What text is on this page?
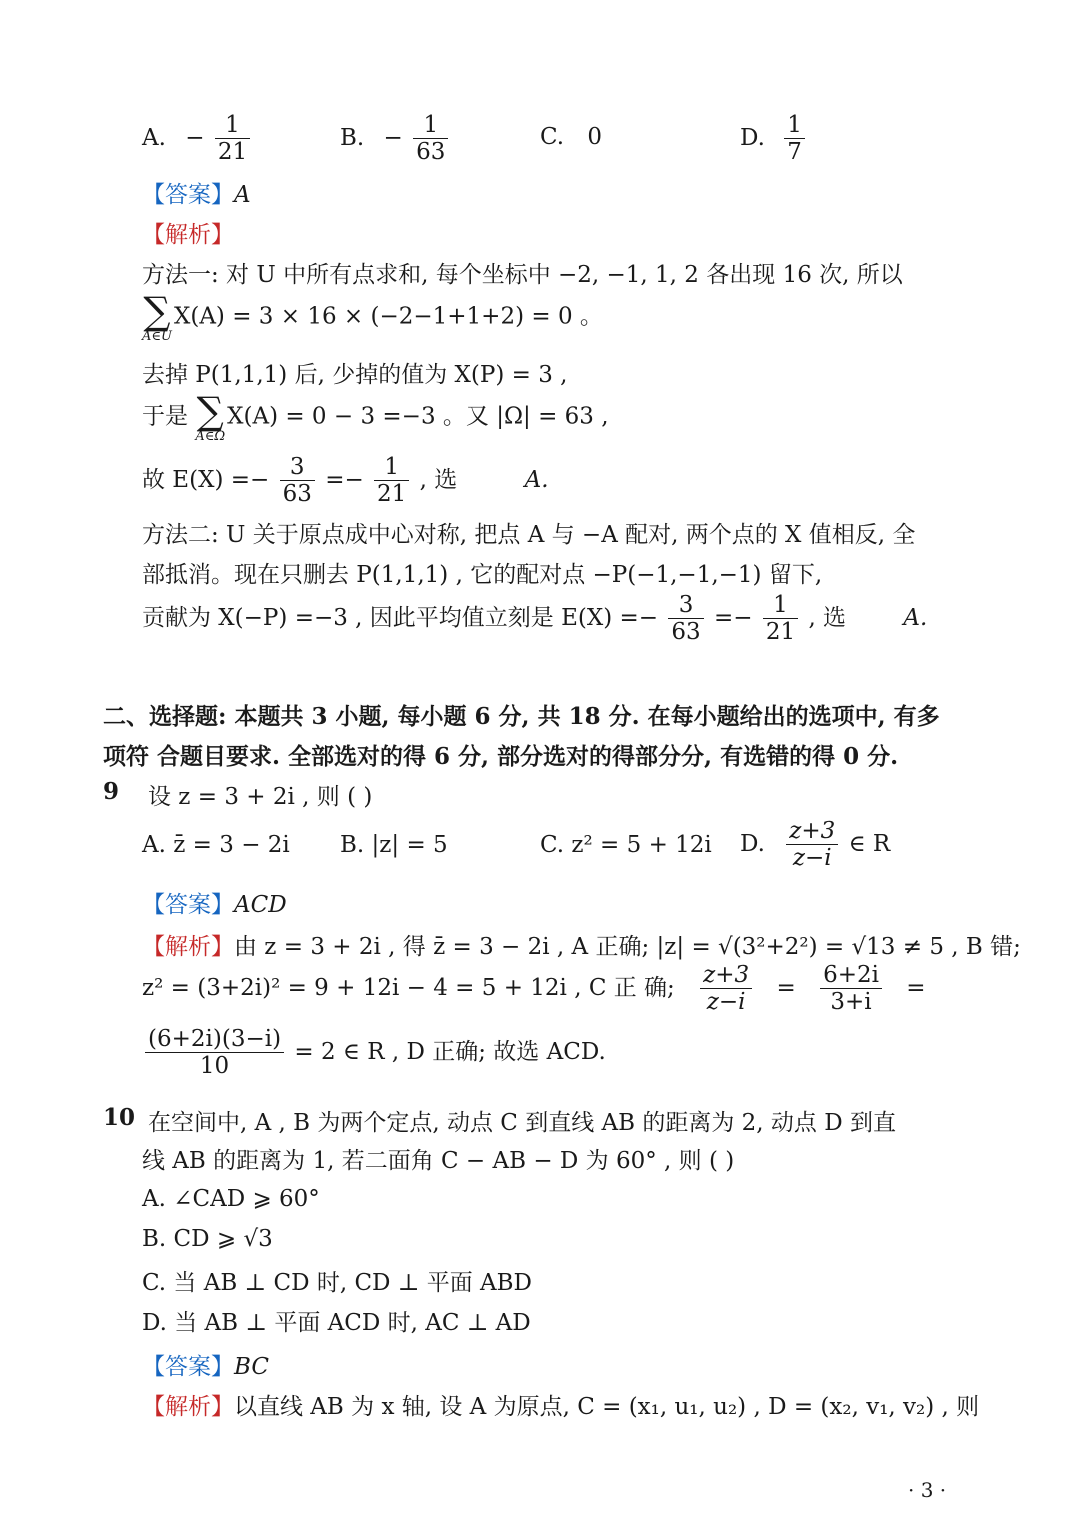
A. − $\frac{1}{21}$	B. − $\frac{1}{63}$	C. 0	D. $\frac{1}{7}$
【答案】A
【解析】
方法一: 对 U 中所有点求和, 每个坐标中 −2, −1, 1, 2 各出现 16 次, 所以
∑
A∈U
X(A) = 3 × 16 × (−2−1+1+2) = 0 。
去掉 P(1,1,1) 后, 少掉的值为 X(P) = 3 ,
于是 ∑
A∈Ω
X(A) = 0 − 3 =−3 。又 |Ω| = 63 ,
故 $E(X) =- \frac{3}{63} =- \frac{1}{21}$ , 选	A.
方法二: U 关于原点成中心对称, 把点 A 与 −A 配对, 两个点的 X 值相反, 全
部抵消。现在只删去 P(1,1,1) , 它的配对点 −P(−1,−1,−1) 留下,
贡献为 X(−P) =−3 , 因此平均值立刻是 $E(X) =- \frac{3}{63} =- \frac{1}{21}$ , 选 A.
二、选择题: 本题共 3 小题, 每小题 6 分, 共 18 分. 在每小题给出的选项中, 有多
项符 合题目要求. 全部选对的得 6 分, 部分选对的得部分分, 有选错的得 0 分.
9 设 z = 3 + 2i , 则 ( )
A. z̄ = 3 − 2i B. |z| = 5	C. z² = 5 + 12i D. $\frac{z+3}{z-i}$ ∈ R
【答案】ACD
【解析】由 z = 3 + 2i , 得 z̄ = 3 − 2i , A 正确; |z| = √(3²+2²) = √13 ≠ 5 , B 错;
z² = (3+2i)² = 9 + 12i − 4 = 5 + 12i , C 正 确; $\frac{z+3}{z-i} = \frac{6+2i}{3+i}$ =
$\frac{(6+2i)(3-i)}{10} = 2$ ∈ R , D 正确; 故选 ACD.
10 在空间中, A , B 为两个定点, 动点 C 到直线 AB 的距离为 2, 动点 D 到直
线 AB 的距离为 1, 若二面角 C − AB − D 为 60° , 则 ( )
A. ∠CAD ⩾ 60°
B. CD ⩾ √3
C. 当 AB ⊥ CD 时, CD ⊥ 平面 ABD
D. 当 AB ⊥ 平面 ACD 时, AC ⊥ AD
【答案】BC
【解析】以直线 AB 为 x 轴, 设 A 为原点, C = (x₁, u₁, u₂) , D = (x₂, v₁, v₂) , 则
· 3 ·
